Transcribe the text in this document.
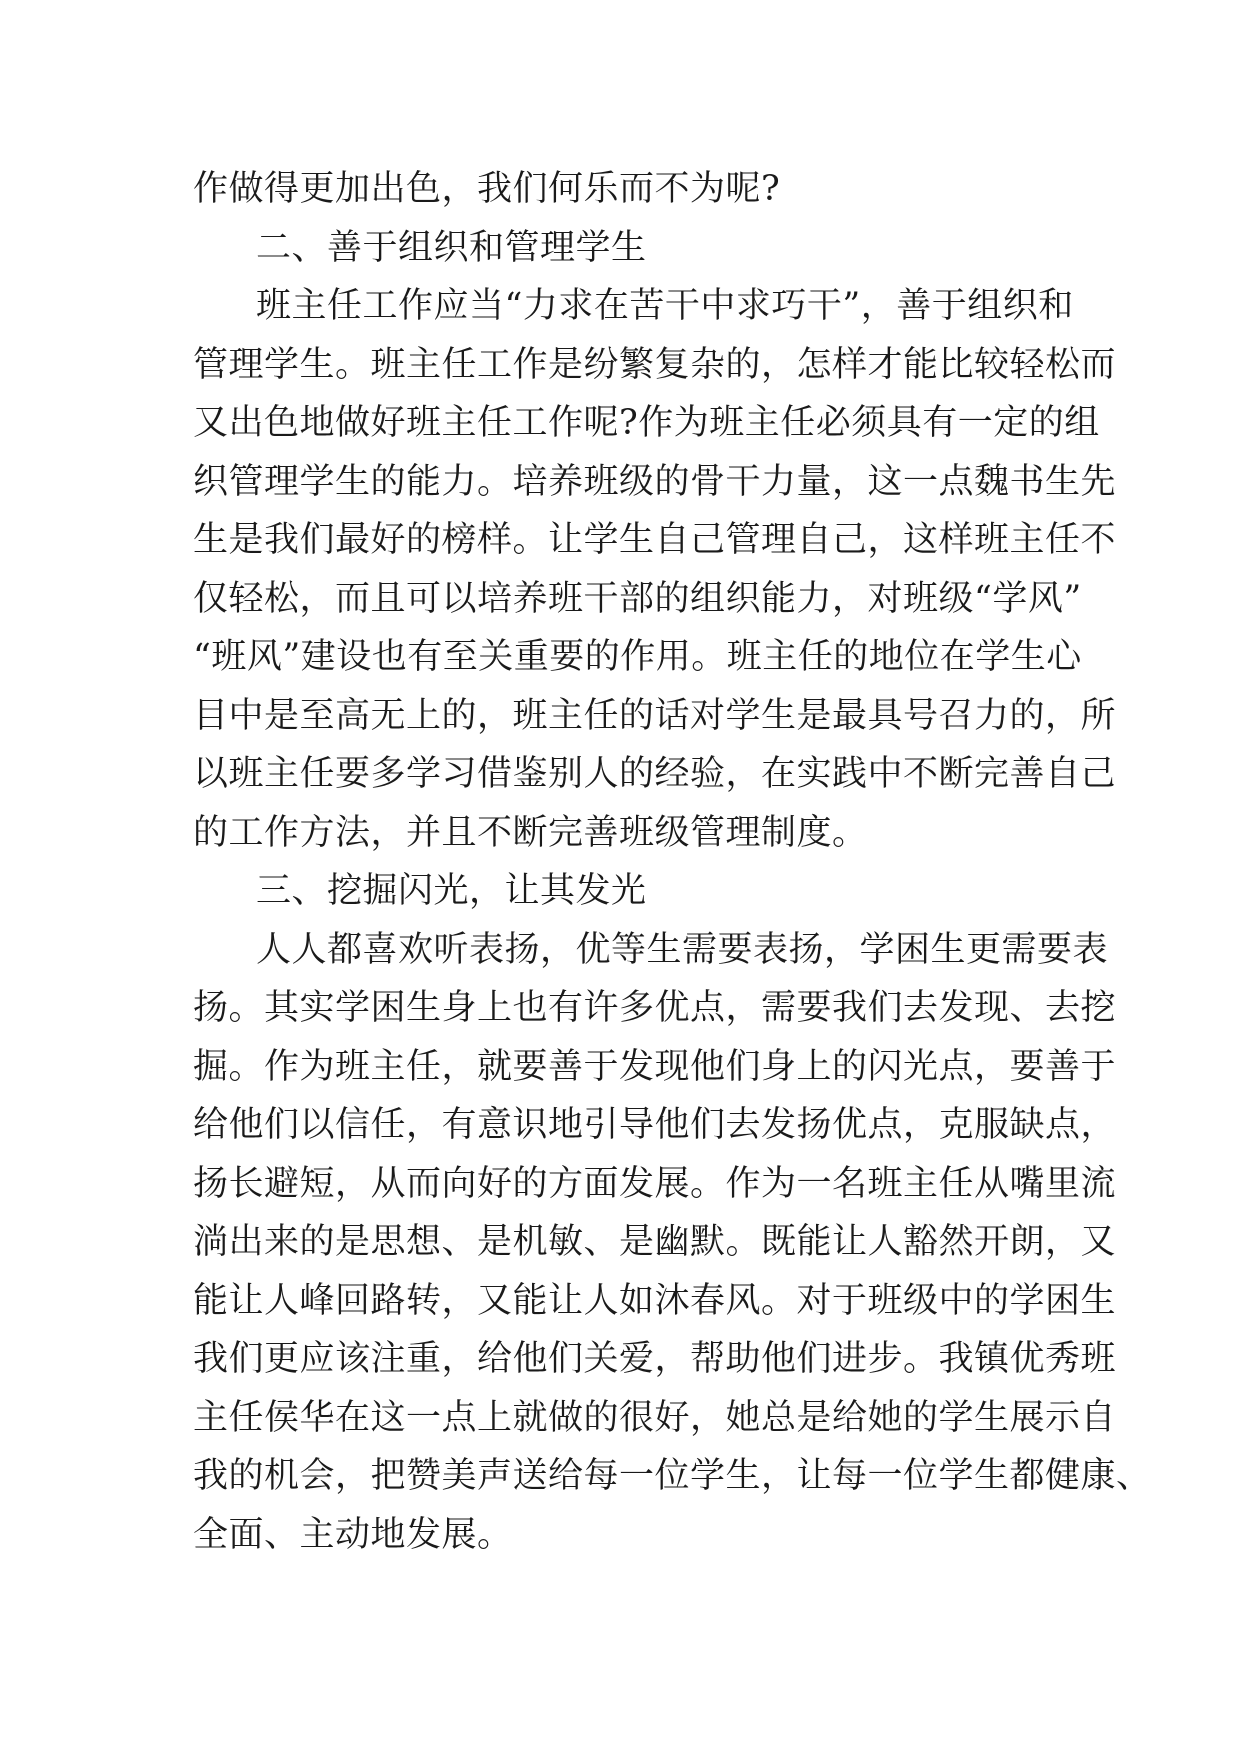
作做得更加出色，我们何乐而不为呢?
二、善于组织和管理学生
班主任工作应当“力求在苦干中求巧干”，善于组织和
管理学生。班主任工作是纷繁复杂的，怎样才能比较轻松而
又出色地做好班主任工作呢?作为班主任必须具有一定的组
织管理学生的能力。培养班级的骨干力量，这一点魏书生先
生是我们最好的榜样。让学生自己管理自己，这样班主任不
仅轻松，而且可以培养班干部的组织能力，对班级“学风”
“班风”建设也有至关重要的作用。班主任的地位在学生心
目中是至高无上的，班主任的话对学生是最具号召力的，所
以班主任要多学习借鉴别人的经验，在实践中不断完善自己
的工作方法，并且不断完善班级管理制度。
三、挖掘闪光，让其发光
人人都喜欢听表扬，优等生需要表扬，学困生更需要表
扬。其实学困生身上也有许多优点，需要我们去发现、去挖
掘。作为班主任，就要善于发现他们身上的闪光点，要善于
给他们以信任，有意识地引导他们去发扬优点，克服缺点，
扬长避短，从而向好的方面发展。作为一名班主任从嘴里流
淌出来的是思想、是机敏、是幽默。既能让人豁然开朗，又
能让人峰回路转，又能让人如沐春风。对于班级中的学困生
我们更应该注重，给他们关爱，帮助他们进步。我镇优秀班
主任侯华在这一点上就做的很好，她总是给她的学生展示自
我的机会，把赞美声送给每一位学生，让每一位学生都健康、
全面、主动地发展。
